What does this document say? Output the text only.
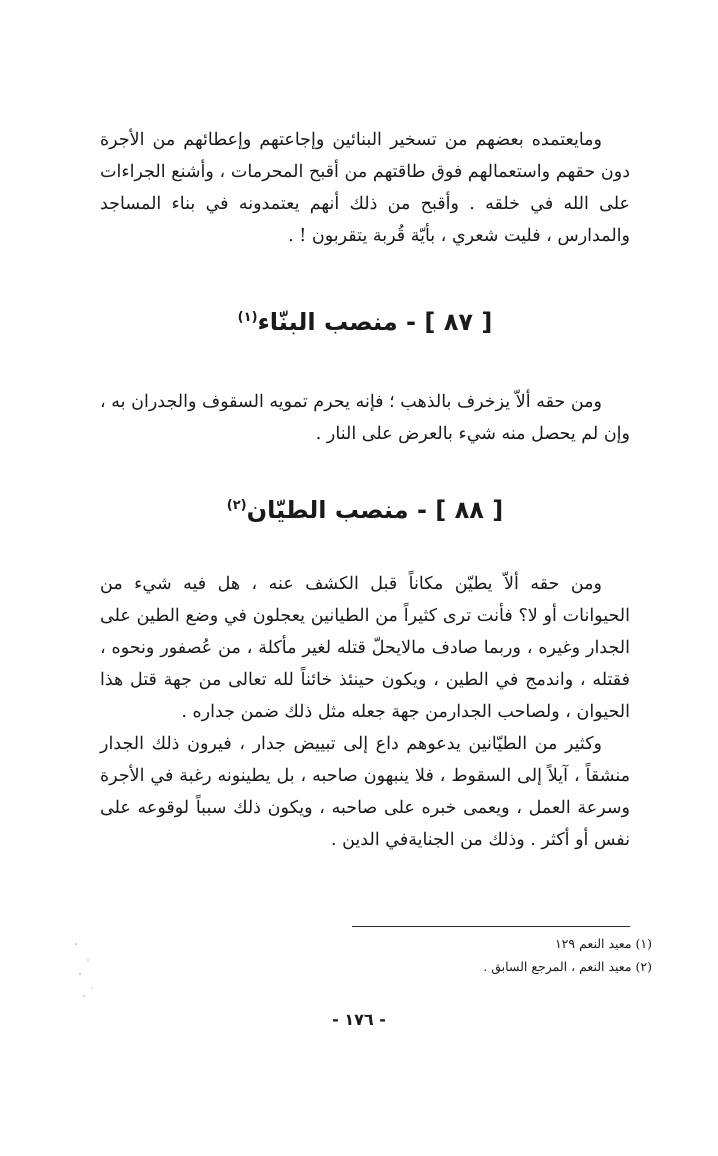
ومايعتمده بعضهم من تسخير البنائين وإجاعتهم وإعطائهم من الأجرة دون حقهم واستعمالهم فوق طاقتهم من أقبح المحرمات ، وأشنع الجراءات على الله في خلقه . وأقبح من ذلك أنهم يعتمدونه في بناء المساجد والمدارس ، فليت شعري ، بأيّة قُربة يتقربون ! .

[ ٨٧ ] - منصب البنّاء$^{(١)}$

ومن حقه ألاّ يزخرف بالذهب ؛ فإنه يحرم تمويه السقوف والجدران به ، وإن لم يحصل منه شيء بالعرض على النار .

[ ٨٨ ] - منصب الطيّان$^{(٢)}$

ومن حقه ألاّ يطيّن مكاناً قبل الكشف عنه ، هل فيه شيء من الحيوانات أو لا؟ فأنت ترى كثيراً من الطيانين يعجلون في وضع الطين على الجدار وغيره ، وربما صادف مالايحلّ قتله لغير مأكلة ، من عُصفور ونحوه ، فقتله ، واندمج في الطين ، ويكون حينئذ خائناً لله تعالى من جهة قتل هذا الحيوان ، ولصاحب الجدارمن جهة جعله مثل ذلك ضمن جداره .

وكثير من الطيّانين يدعوهم داع إلى تبييض جدار ، فيرون ذلك الجدار منشقاً ، آيلاً إلى السقوط ، فلا ينبهون صاحبه ، بل يطينونه رغبة في الأجرة وسرعة العمل ، ويعمى خبره على صاحبه ، ويكون ذلك سبباً لوقوعه على نفس أو أكثر . وذلك من الجنايةفي الدين .

(١) معيد النعم ١٢٩
(٢) معيد النعم ، المرجع السابق .
- ١٧٦ -
